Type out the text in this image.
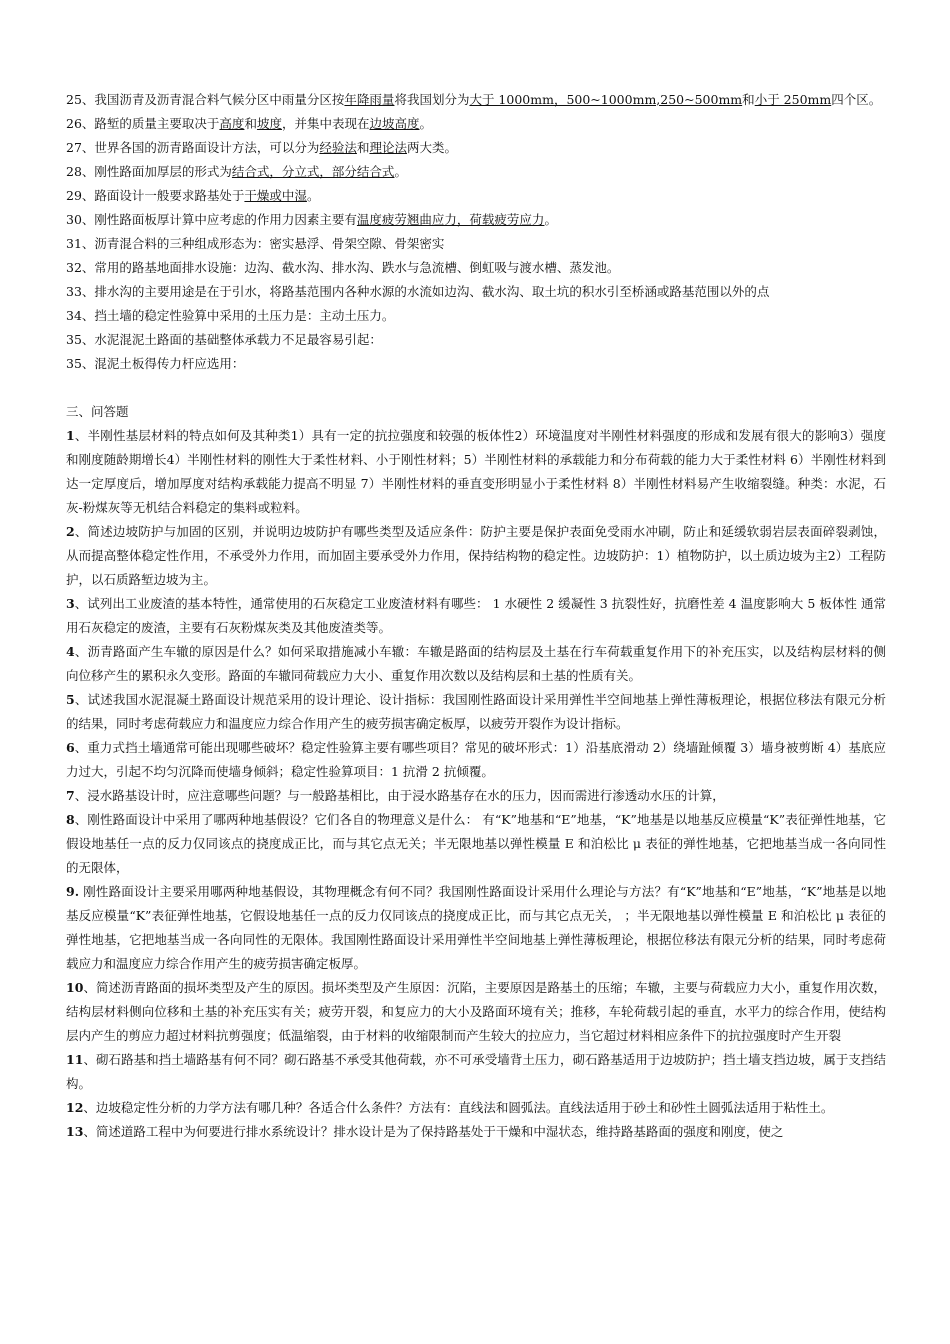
25、我国沥青及沥青混合料气候分区中雨量分区按年降雨量将我国划分为大于 1000mm，500~1000mm,250~500mm和小于 250mm四个区。

26、路堑的质量主要取决于高度和坡度，并集中表现在边坡高度。

27、世界各国的沥青路面设计方法，可以分为经验法和理论法两大类。

28、刚性路面加厚层的形式为结合式，分立式，部分结合式。

29、路面设计一般要求路基处于干燥或中湿。

30、刚性路面板厚计算中应考虑的作用力因素主要有温度疲劳翘曲应力，荷载疲劳应力。

31、沥青混合料的三种组成形态为：密实悬浮、骨架空隙、骨架密实

32、常用的路基地面排水设施：边沟、截水沟、排水沟、跌水与急流槽、倒虹吸与渡水槽、蒸发池。

33、排水沟的主要用途是在于引水，将路基范围内各种水源的水流如边沟、截水沟、取土坑的积水引至桥涵或路基范围以外的点

34、挡土墙的稳定性验算中采用的土压力是：主动土压力。

35、水泥混泥土路面的基础整体承载力不足最容易引起：

35、混泥土板得传力杆应选用：

三、问答题

1、半刚性基层材料的特点如何及其种类1）具有一定的抗拉强度和较强的板体性2）环境温度对半刚性材料强度的形成和发展有很大的影响3）强度和刚度随龄期增长4）半刚性材料的刚性大于柔性材料、小于刚性材料；5）半刚性材料的承载能力和分布荷载的能力大于柔性材料 6）半刚性材料到达一定厚度后，增加厚度对结构承载能力提高不明显 7）半刚性材料的垂直变形明显小于柔性材料 8）半刚性材料易产生收缩裂缝。种类：水泥，石灰-粉煤灰等无机结合料稳定的集料或粒料。

2、简述边坡防护与加固的区别，并说明边坡防护有哪些类型及适应条件：防护主要是保护表面免受雨水冲刷，防止和延缓软弱岩层表面碎裂剥蚀，从而提高整体稳定性作用，不承受外力作用，而加固主要承受外力作用，保持结构物的稳定性。边坡防护：1）植物防护，以土质边坡为主2）工程防护，以石质路堑边坡为主。

3、试列出工业废渣的基本特性，通常使用的石灰稳定工业废渣材料有哪些： 1 水硬性 2 缓凝性 3 抗裂性好，抗磨性差 4 温度影响大 5 板体性 通常用石灰稳定的废渣，主要有石灰粉煤灰类及其他废渣类等。

4、沥青路面产生车辙的原因是什么？如何采取措施减小车辙：车辙是路面的结构层及土基在行车荷载重复作用下的补充压实，以及结构层材料的侧向位移产生的累积永久变形。路面的车辙同荷载应力大小、重复作用次数以及结构层和土基的性质有关。

5、试述我国水泥混凝土路面设计规范采用的设计理论、设计指标：我国刚性路面设计采用弹性半空间地基上弹性薄板理论，根据位移法有限元分析的结果，同时考虑荷载应力和温度应力综合作用产生的疲劳损害确定板厚，以疲劳开裂作为设计指标。

6、重力式挡土墙通常可能出现哪些破坏？稳定性验算主要有哪些项目？常见的破坏形式：1）沿基底滑动 2）绕墙趾倾覆 3）墙身被剪断 4）基底应力过大，引起不均匀沉降而使墙身倾斜；稳定性验算项目：1 抗滑 2 抗倾覆。

7、浸水路基设计时，应注意哪些问题？与一般路基相比，由于浸水路基存在水的压力，因而需进行渗透动水压的计算，

8、刚性路面设计中采用了哪两种地基假设？它们各自的物理意义是什么： 有“K”地基和“E”地基，“K”地基是以地基反应模量“K”表征弹性地基，它假设地基任一点的反力仅同该点的挠度成正比，而与其它点无关；半无限地基以弹性模量 E 和泊松比 μ 表征的弹性地基，它把地基当成一各向同性的无限体，

9. 刚性路面设计主要采用哪两种地基假设，其物理概念有何不同？我国刚性路面设计采用什么理论与方法？有“K”地基和“E”地基，“K”地基是以地基反应模量“K”表征弹性地基，它假设地基任一点的反力仅同该点的挠度成正比，而与其它点无关， ；半无限地基以弹性模量 E 和泊松比 μ 表征的弹性地基，它把地基当成一各向同性的无限体。我国刚性路面设计采用弹性半空间地基上弹性薄板理论，根据位移法有限元分析的结果，同时考虑荷载应力和温度应力综合作用产生的疲劳损害确定板厚。

10、简述沥青路面的损坏类型及产生的原因。损坏类型及产生原因：沉陷，主要原因是路基土的压缩；车辙，主要与荷载应力大小，重复作用次数，结构层材料侧向位移和土基的补充压实有关；疲劳开裂，和复应力的大小及路面环境有关；推移，车轮荷载引起的垂直，水平力的综合作用，使结构层内产生的剪应力超过材料抗剪强度；低温缩裂，由于材料的收缩限制而产生较大的拉应力，当它超过材料相应条件下的抗拉强度时产生开裂

11、砌石路基和挡土墙路基有何不同？砌石路基不承受其他荷载，亦不可承受墙背土压力，砌石路基适用于边坡防护；挡土墙支挡边坡，属于支挡结构。

12、边坡稳定性分析的力学方法有哪几种？各适合什么条件？方法有：直线法和圆弧法。直线法适用于砂土和砂性土圆弧法适用于粘性土。

13、简述道路工程中为何要进行排水系统设计？排水设计是为了保持路基处于干燥和中湿状态，维持路基路面的强度和刚度，使之
